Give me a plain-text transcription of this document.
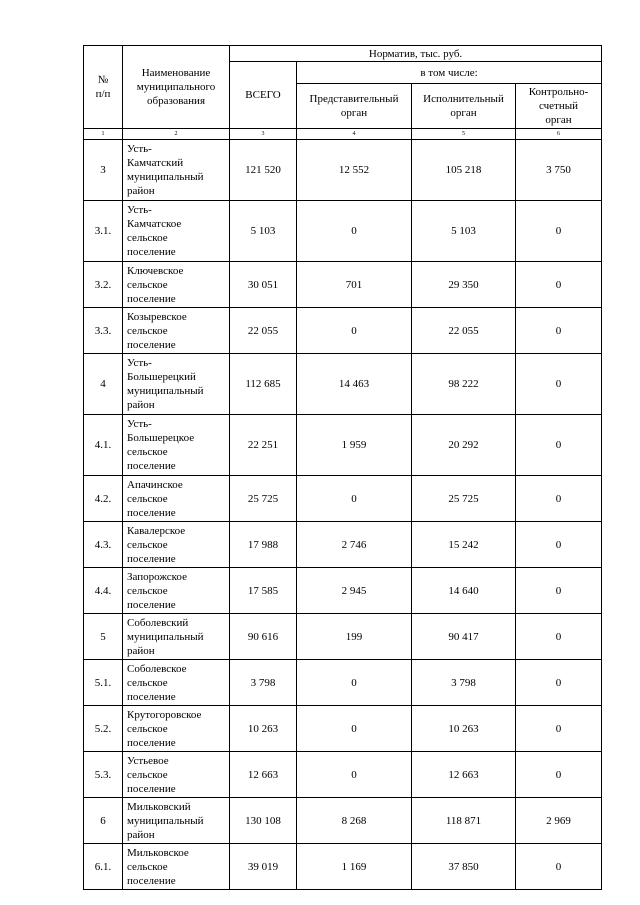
№
п/п	Наименование
муниципального
образования	Норматив, тыс. руб.			
		ВСЕГО	в том числе:		
			Представительный
орган	Исполнительный
орган	Контрольно-
счетный
орган
1	2	3	4	5	6
3	Усть-
Камчатский
муниципальный
район	121 520	12 552	105 218	3 750
3.1.	Усть-
Камчатское
сельское
поселение	5 103	0	5 103	0
3.2.	Ключевское
сельское
поселение	30 051	701	29 350	0
3.3.	Козыревское
сельское
поселение	22 055	0	22 055	0
4	Усть-
Большерецкий
муниципальный
район	112 685	14 463	98 222	0
4.1.	Усть-
Большерецкое
сельское
поселение	22 251	1 959	20 292	0
4.2.	Апачинское
сельское
поселение	25 725	0	25 725	0
4.3.	Кавалерское
сельское
поселение	17 988	2 746	15 242	0
4.4.	Запорожское
сельское
поселение	17 585	2 945	14 640	0
5	Соболевский
муниципальный
район	90 616	199	90 417	0
5.1.	Соболевское
сельское
поселение	3 798	0	3 798	0
5.2.	Крутогоровское
сельское
поселение	10 263	0	10 263	0
5.3.	Устьевое
сельское
поселение	12 663	0	12 663	0
6	Мильковский
муниципальный
район	130 108	8 268	118 871	2 969
6.1.	Мильковское
сельское
поселение	39 019	1 169	37 850	0
